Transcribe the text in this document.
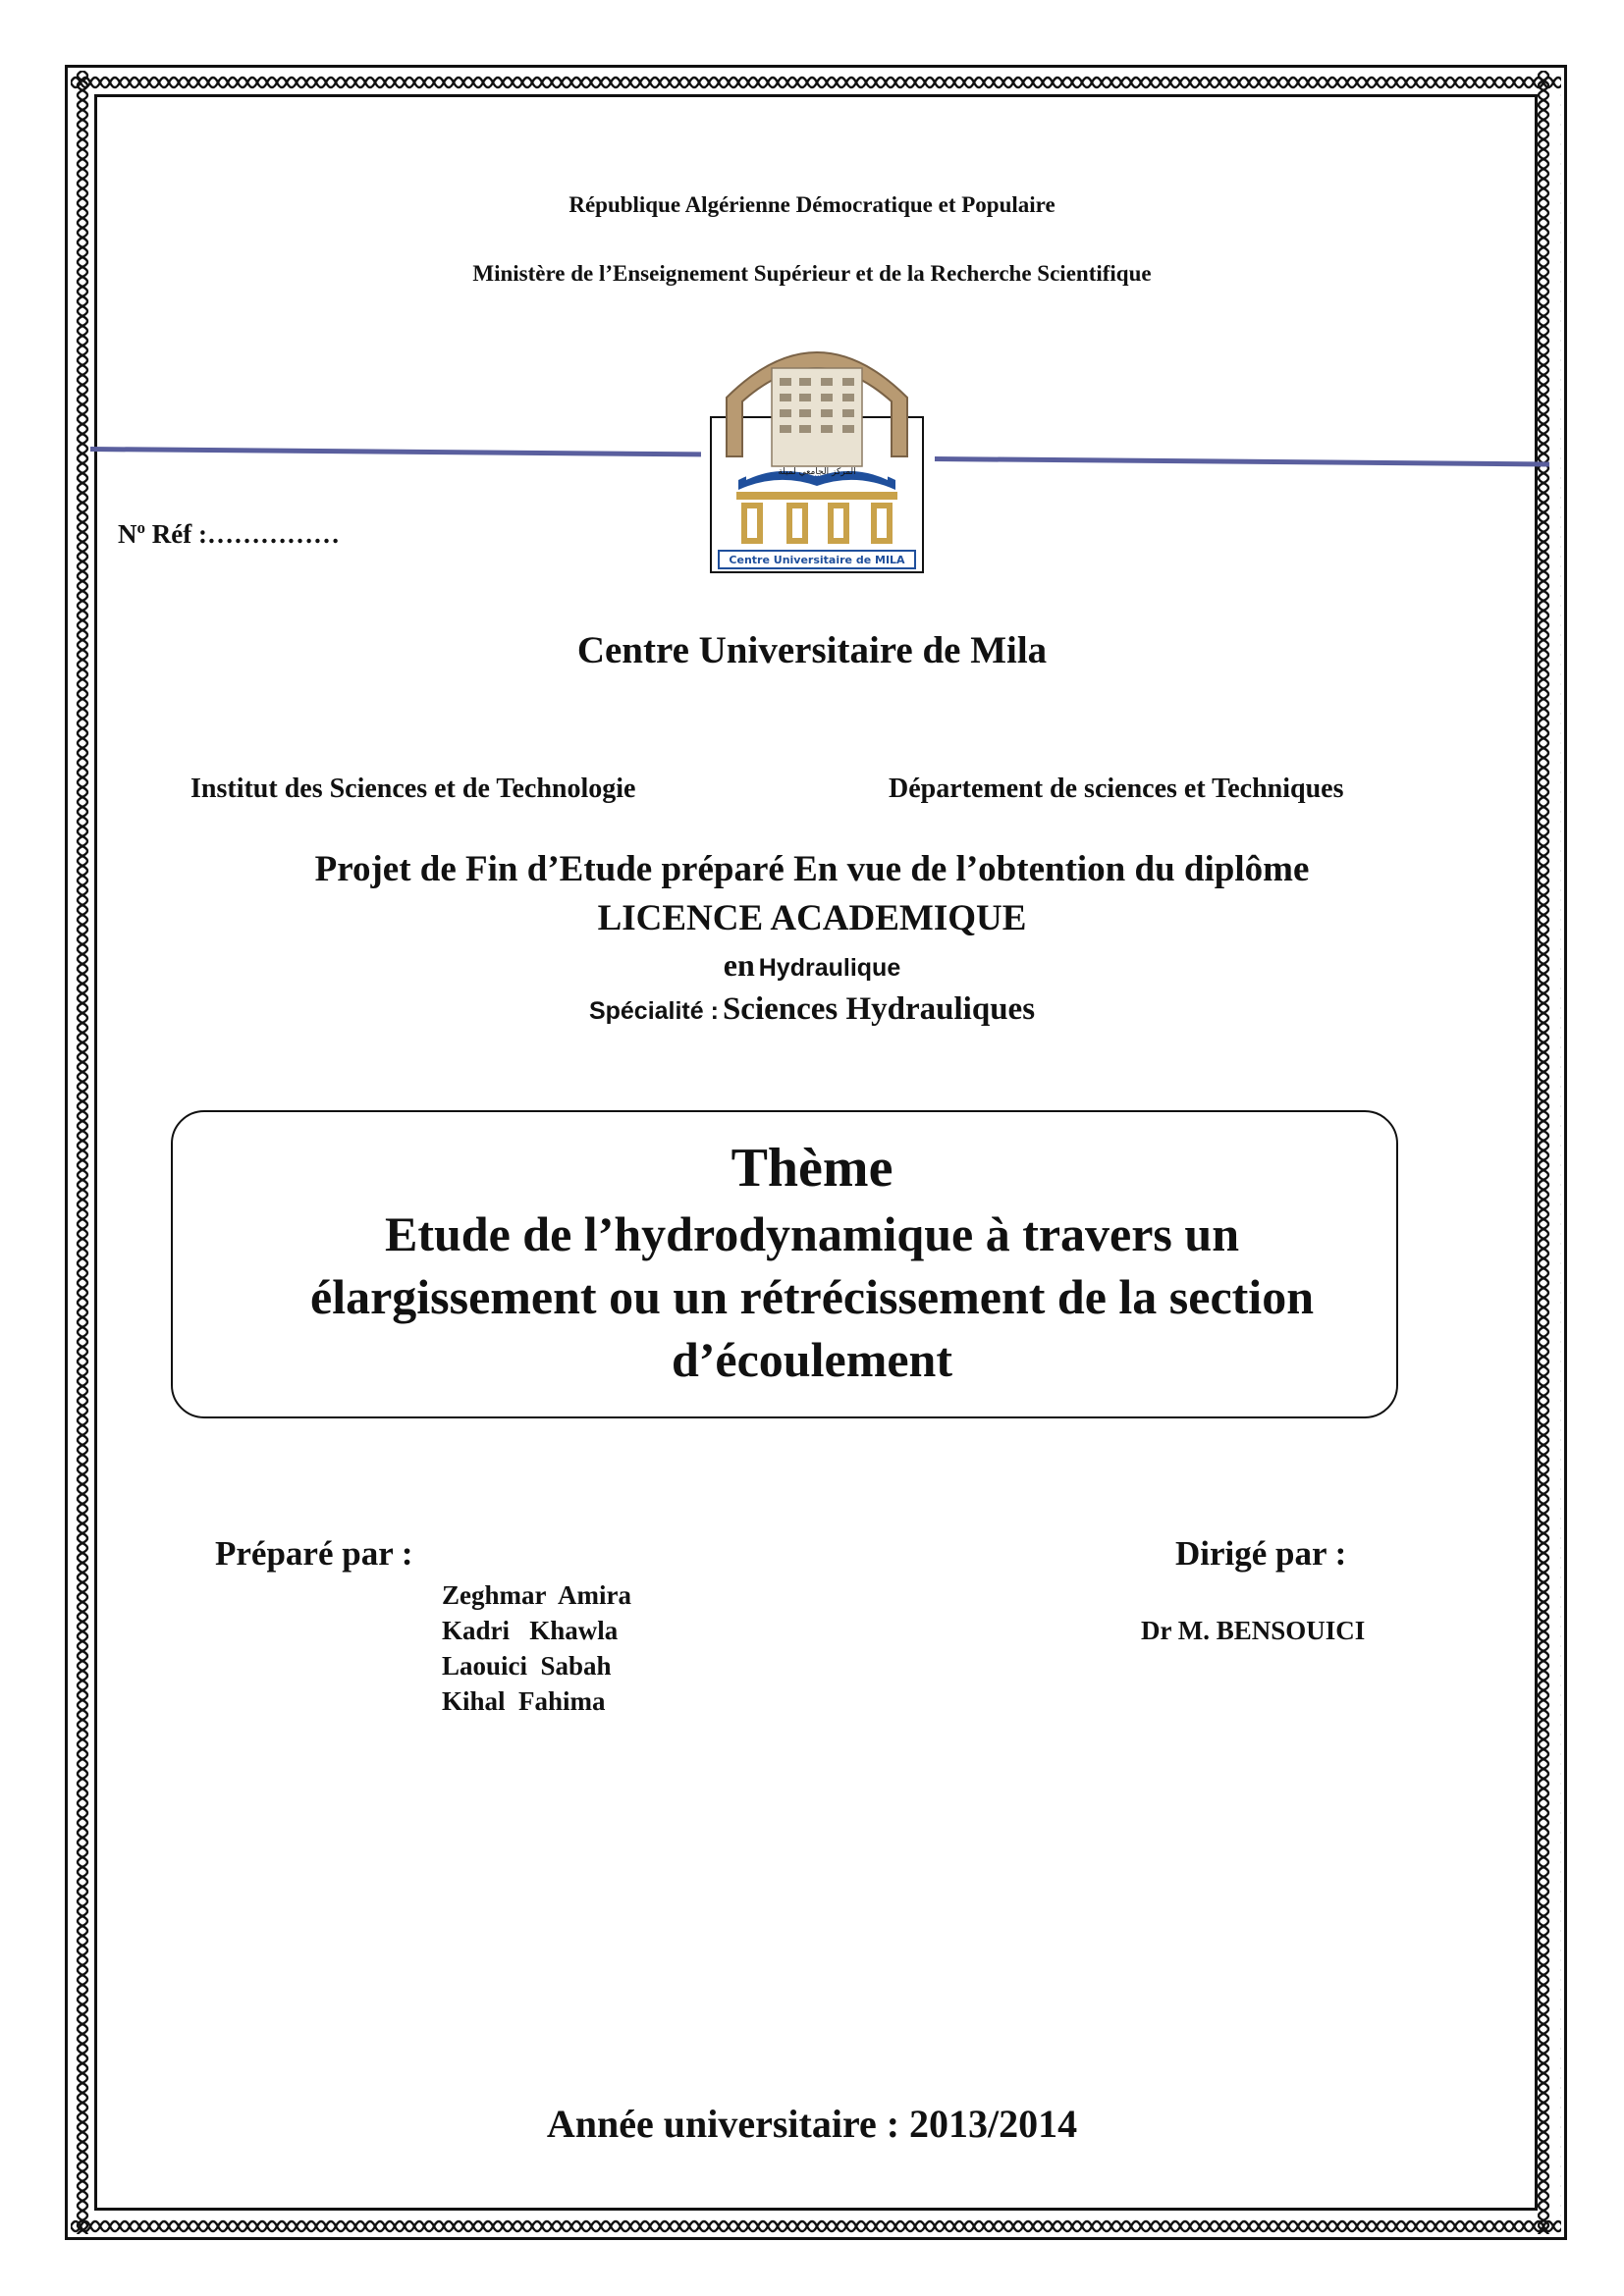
République Algérienne Démocratique et Populaire
Ministère de l’Enseignement Supérieur et de la Recherche Scientifique
المركز الجامعي لميلة
Centre Universitaire de MILA
$N^o$ Réf :……………
Centre Universitaire de Mila
Institut des Sciences et de Technologie	Département de sciences et Techniques
Projet de Fin d’Etude préparé En vue de l’obtention du diplôme
LICENCE ACADEMIQUE
en Hydraulique
Spécialité : Sciences Hydrauliques
Thème
Etude de l’hydrodynamique à travers un
élargissement ou un rétrécissement de la section
d’écoulement
Préparé par :
Zeghmar  Amira
Kadri   Khawla
Laouici  Sabah
Kihal  Fahima
Dirigé par :
Dr M. BENSOUICI
Année universitaire : 2013/2014
